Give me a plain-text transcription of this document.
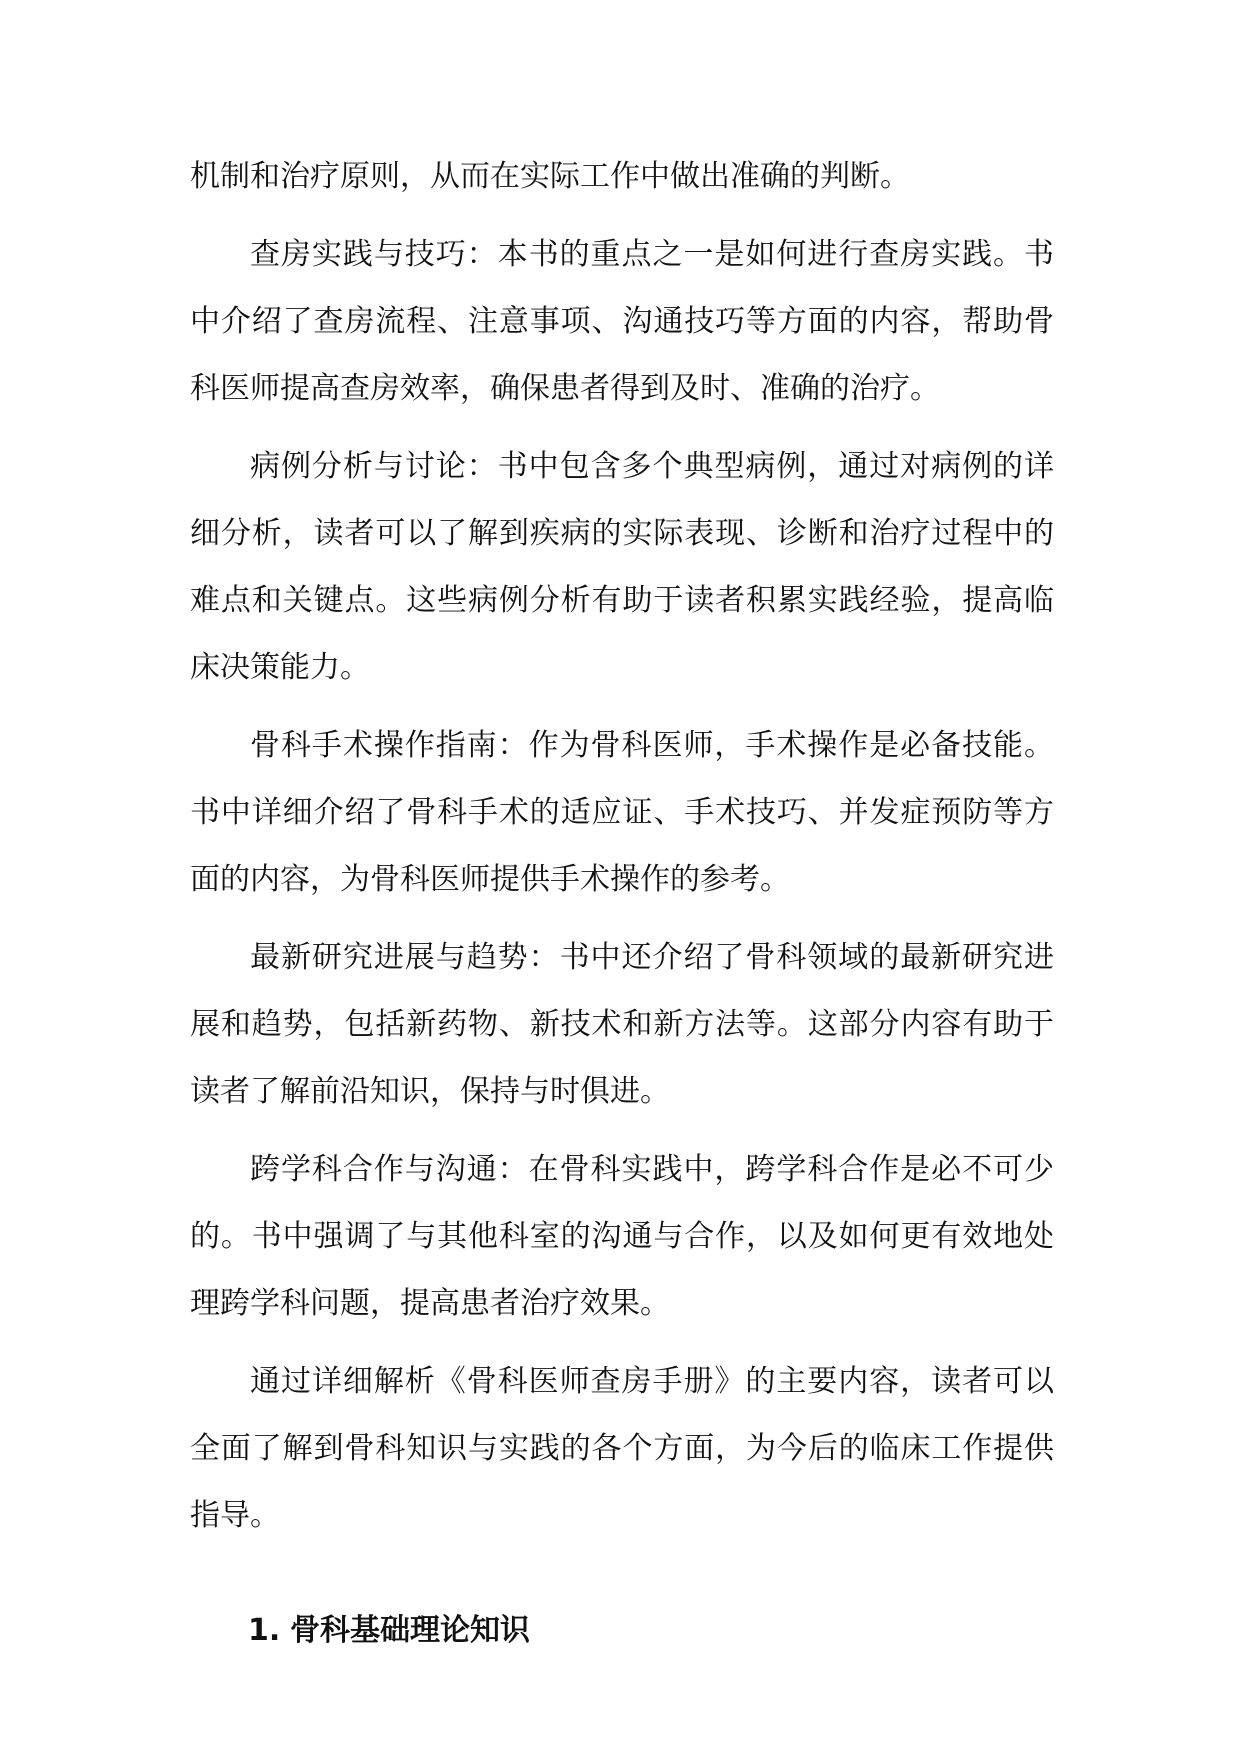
机制和治疗原则，从而在实际工作中做出准确的判断。

查房实践与技巧：本书的重点之一是如何进行查房实践。书中介绍了查房流程、注意事项、沟通技巧等方面的内容，帮助骨科医师提高查房效率，确保患者得到及时、准确的治疗。

病例分析与讨论：书中包含多个典型病例，通过对病例的详细分析，读者可以了解到疾病的实际表现、诊断和治疗过程中的难点和关键点。这些病例分析有助于读者积累实践经验，提高临床决策能力。

骨科手术操作指南：作为骨科医师，手术操作是必备技能。书中详细介绍了骨科手术的适应证、手术技巧、并发症预防等方面的内容，为骨科医师提供手术操作的参考。

最新研究进展与趋势：书中还介绍了骨科领域的最新研究进展和趋势，包括新药物、新技术和新方法等。这部分内容有助于读者了解前沿知识，保持与时俱进。

跨学科合作与沟通：在骨科实践中，跨学科合作是必不可少的。书中强调了与其他科室的沟通与合作，以及如何更有效地处理跨学科问题，提高患者治疗效果。

通过详细解析《骨科医师查房手册》的主要内容，读者可以全面了解到骨科知识与实践的各个方面，为今后的临床工作提供指导。

1. 骨科基础理论知识
